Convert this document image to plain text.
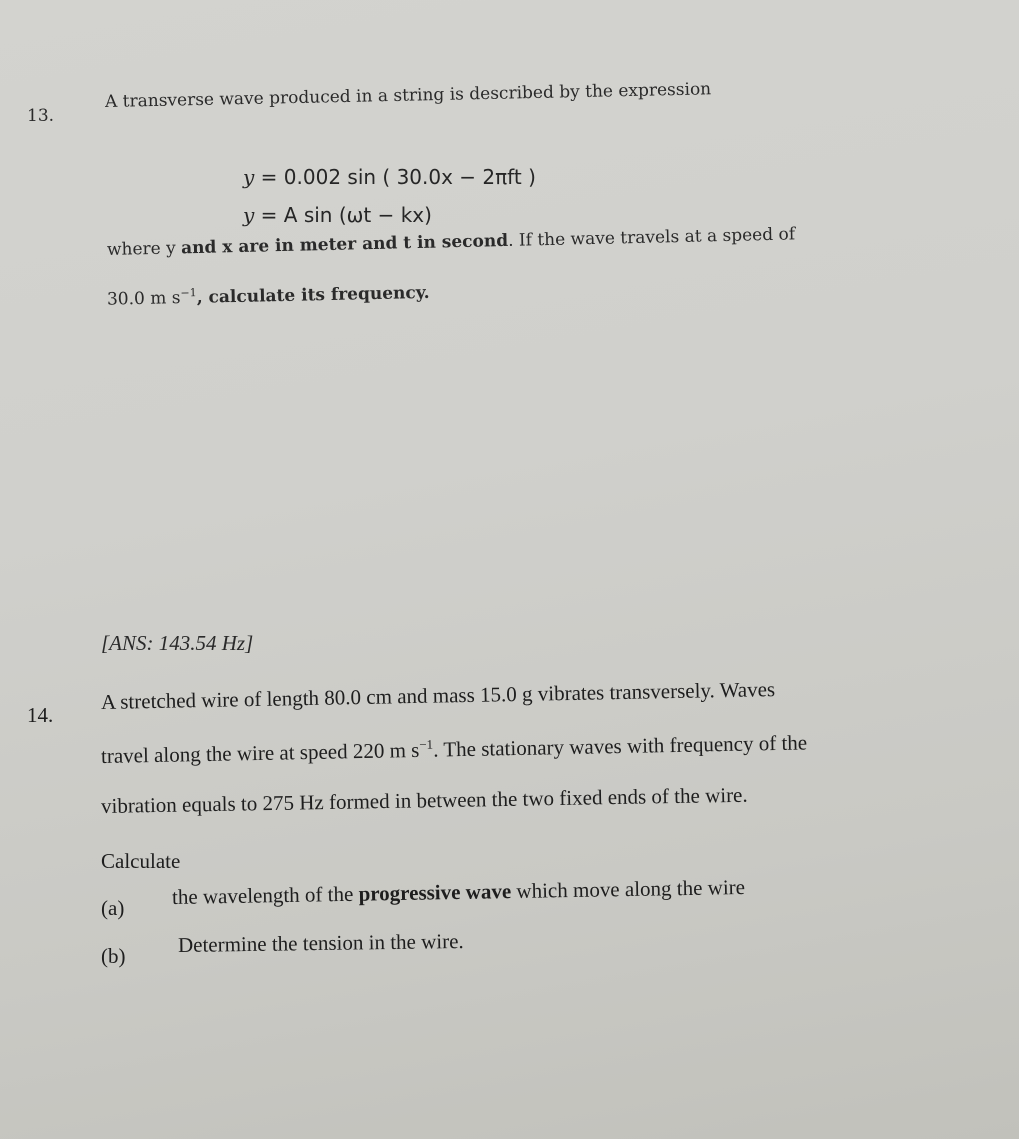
13.
A transverse wave produced in a string is described by the expression
y = 0.002 sin ( 30.0x − 2πft )
y = A sin (ωt − kx)
where y and x are in meter and t in second. If the wave travels at a speed of
30.0 m $s^{-1}$, calculate its frequency.
[ANS: 143.54 Hz]
14.
A stretched wire of length 80.0 cm and mass 15.0 g vibrates transversely. Waves
travel along the wire at speed 220 m $s^{-1}$. The stationary waves with frequency of the
vibration equals to 275 Hz formed in between the two fixed ends of the wire.
Calculate
(a) the wavelength of the progressive wave which move along the wire
(b) Determine the tension in the wire.
